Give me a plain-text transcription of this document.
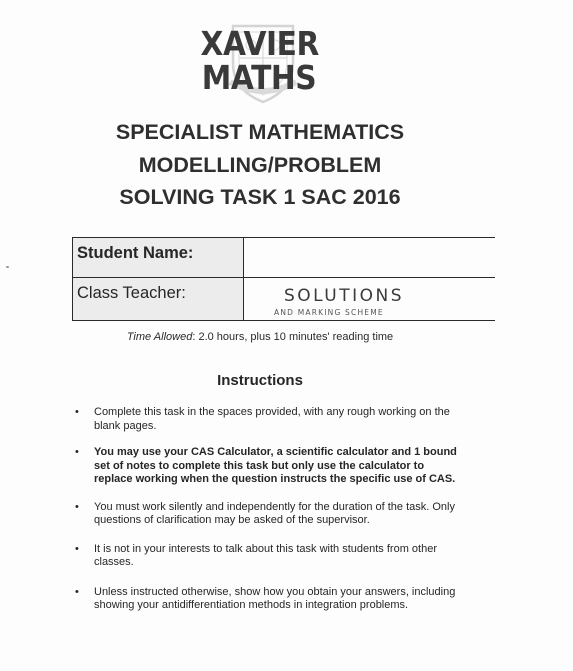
XAVIER
MATHS
SPECIALIST MATHEMATICS
MODELLING/PROBLEM
SOLVING TASK 1 SAC 2016
Student Name:
Class Teacher:	SOLUTIONS
AND MARKING SCHEME
Time Allowed: 2.0 hours, plus 10 minutes' reading time
Instructions
• Complete this task in the spaces provided, with any rough working on the blank pages.
• You may use your CAS Calculator, a scientific calculator and 1 bound set of notes to complete this task but only use the calculator to replace working when the question instructs the specific use of CAS.
• You must work silently and independently for the duration of the task. Only questions of clarification may be asked of the supervisor.
• It is not in your interests to talk about this task with students from other classes.
• Unless instructed otherwise, show how you obtain your answers, including showing your antidifferentiation methods in integration problems.
